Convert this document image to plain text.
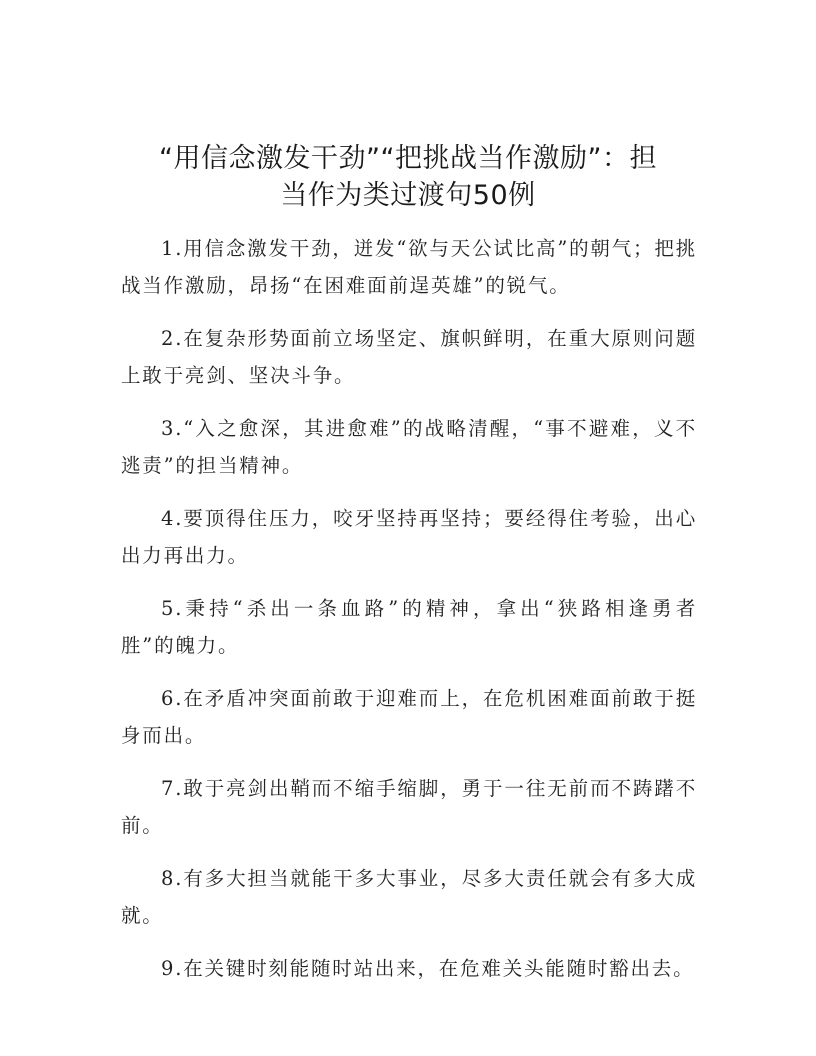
“用信念激发干劲”“把挑战当作激励”：担
当作为类过渡句50例

1.用信念激发干劲，迸发“欲与天公试比高”的朝气；把挑战当作激励，昂扬“在困难面前逞英雄”的锐气。

2.在复杂形势面前立场坚定、旗帜鲜明，在重大原则问题上敢于亮剑、坚决斗争。

3.“入之愈深，其进愈难”的战略清醒，“事不避难，义不逃责”的担当精神。

4.要顶得住压力，咬牙坚持再坚持；要经得住考验，出心出力再出力。

5.秉持“杀出一条血路”的精神，拿出“狭路相逢勇者胜”的魄力。

6.在矛盾冲突面前敢于迎难而上，在危机困难面前敢于挺身而出。

7.敢于亮剑出鞘而不缩手缩脚，勇于一往无前而不踌躇不前。

8.有多大担当就能干多大事业，尽多大责任就会有多大成就。

9.在关键时刻能随时站出来，在危难关头能随时豁出去。
